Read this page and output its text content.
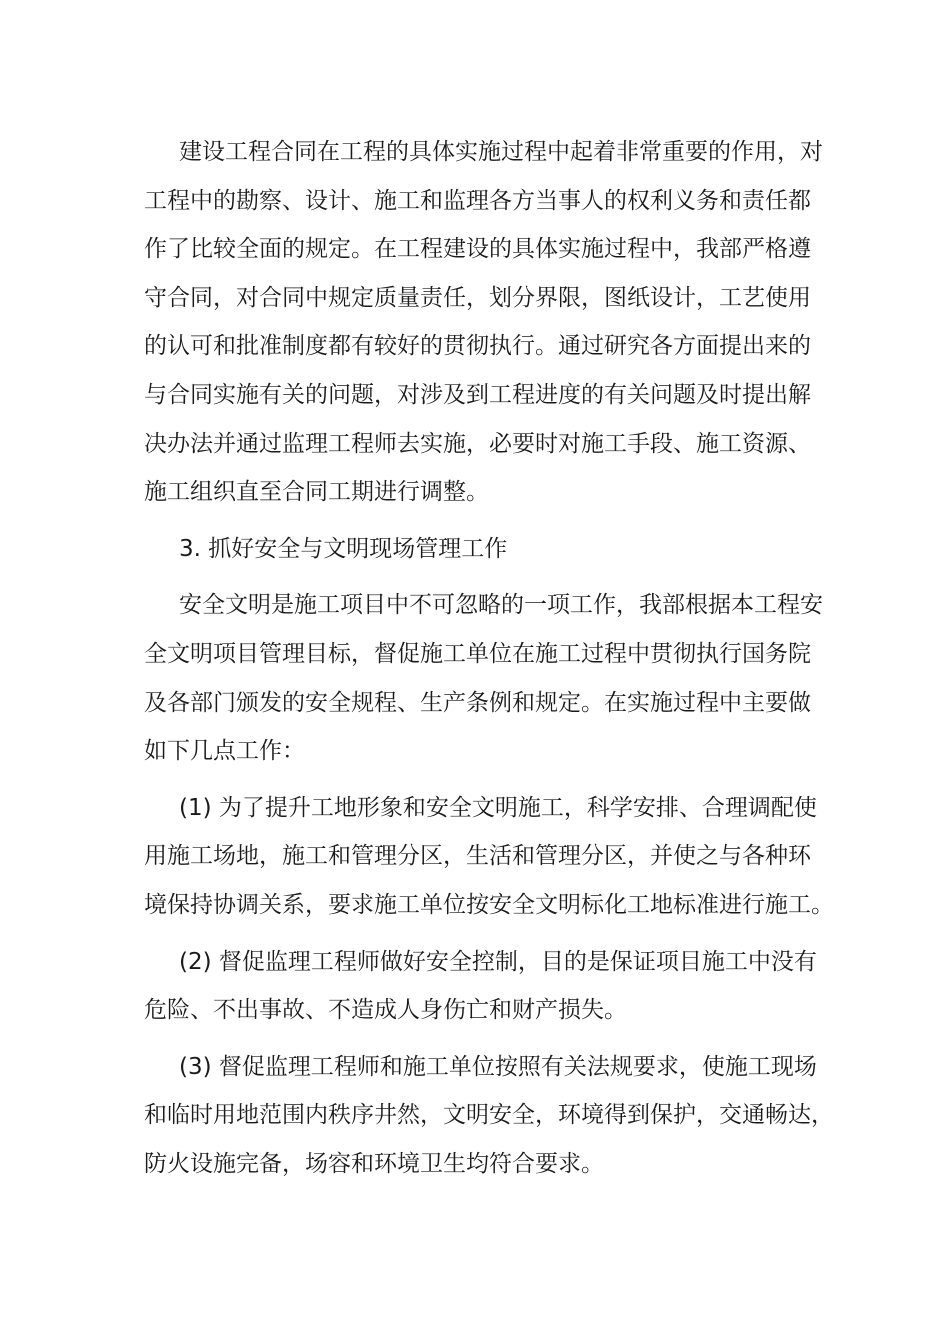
建设工程合同在工程的具体实施过程中起着非常重要的作用，对
工程中的勘察、设计、施工和监理各方当事人的权利义务和责任都
作了比较全面的规定。在工程建设的具体实施过程中，我部严格遵
守合同，对合同中规定质量责任，划分界限，图纸设计，工艺使用
的认可和批准制度都有较好的贯彻执行。通过研究各方面提出来的
与合同实施有关的问题，对涉及到工程进度的有关问题及时提出解
决办法并通过监理工程师去实施，必要时对施工手段、施工资源、
施工组织直至合同工期进行调整。
3. 抓好安全与文明现场管理工作
安全文明是施工项目中不可忽略的一项工作，我部根据本工程安
全文明项目管理目标，督促施工单位在施工过程中贯彻执行国务院
及各部门颁发的安全规程、生产条例和规定。在实施过程中主要做
如下几点工作：
(1) 为了提升工地形象和安全文明施工，科学安排、合理调配使
用施工场地，施工和管理分区，生活和管理分区，并使之与各种环
境保持协调关系，要求施工单位按安全文明标化工地标准进行施工。
(2) 督促监理工程师做好安全控制，目的是保证项目施工中没有
危险、不出事故、不造成人身伤亡和财产损失。
(3) 督促监理工程师和施工单位按照有关法规要求，使施工现场
和临时用地范围内秩序井然，文明安全，环境得到保护，交通畅达，
防火设施完备，场容和环境卫生均符合要求。
